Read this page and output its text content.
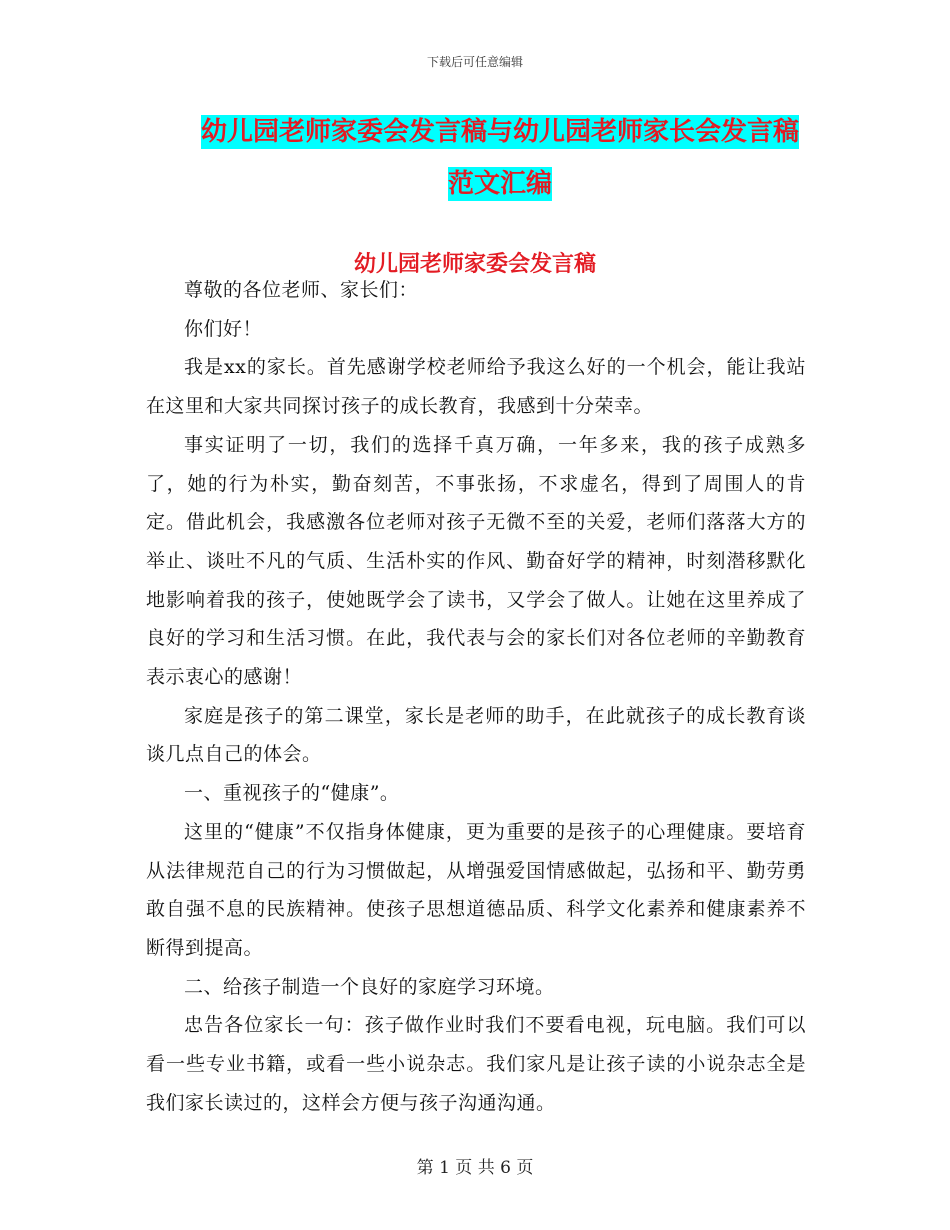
下载后可任意编辑
幼儿园老师家委会发言稿与幼儿园老师家长会发言稿
范文汇编
幼儿园老师家委会发言稿

尊敬的各位老师、家长们：

你们好！

我是xx的家长。首先感谢学校老师给予我这么好的一个机会，能让我站在这里和大家共同探讨孩子的成长教育，我感到十分荣幸。

事实证明了一切，我们的选择千真万确，一年多来，我的孩子成熟多了，她的行为朴实，勤奋刻苦，不事张扬，不求虚名，得到了周围人的肯定。借此机会，我感激各位老师对孩子无微不至的关爱，老师们落落大方的举止、谈吐不凡的气质、生活朴实的作风、勤奋好学的精神，时刻潜移默化地影响着我的孩子，使她既学会了读书，又学会了做人。让她在这里养成了良好的学习和生活习惯。在此，我代表与会的家长们对各位老师的辛勤教育表示衷心的感谢！

家庭是孩子的第二课堂，家长是老师的助手，在此就孩子的成长教育谈谈几点自己的体会。

一、重视孩子的“健康”。

这里的“健康”不仅指身体健康，更为重要的是孩子的心理健康。要培育从法律规范自己的行为习惯做起，从增强爱国情感做起，弘扬和平、勤劳勇敢自强不息的民族精神。使孩子思想道德品质、科学文化素养和健康素养不断得到提高。

二、给孩子制造一个良好的家庭学习环境。

忠告各位家长一句：孩子做作业时我们不要看电视，玩电脑。我们可以看一些专业书籍，或看一些小说杂志。我们家凡是让孩子读的小说杂志全是我们家长读过的，这样会方便与孩子沟通沟通。

第 1 页 共 6 页
